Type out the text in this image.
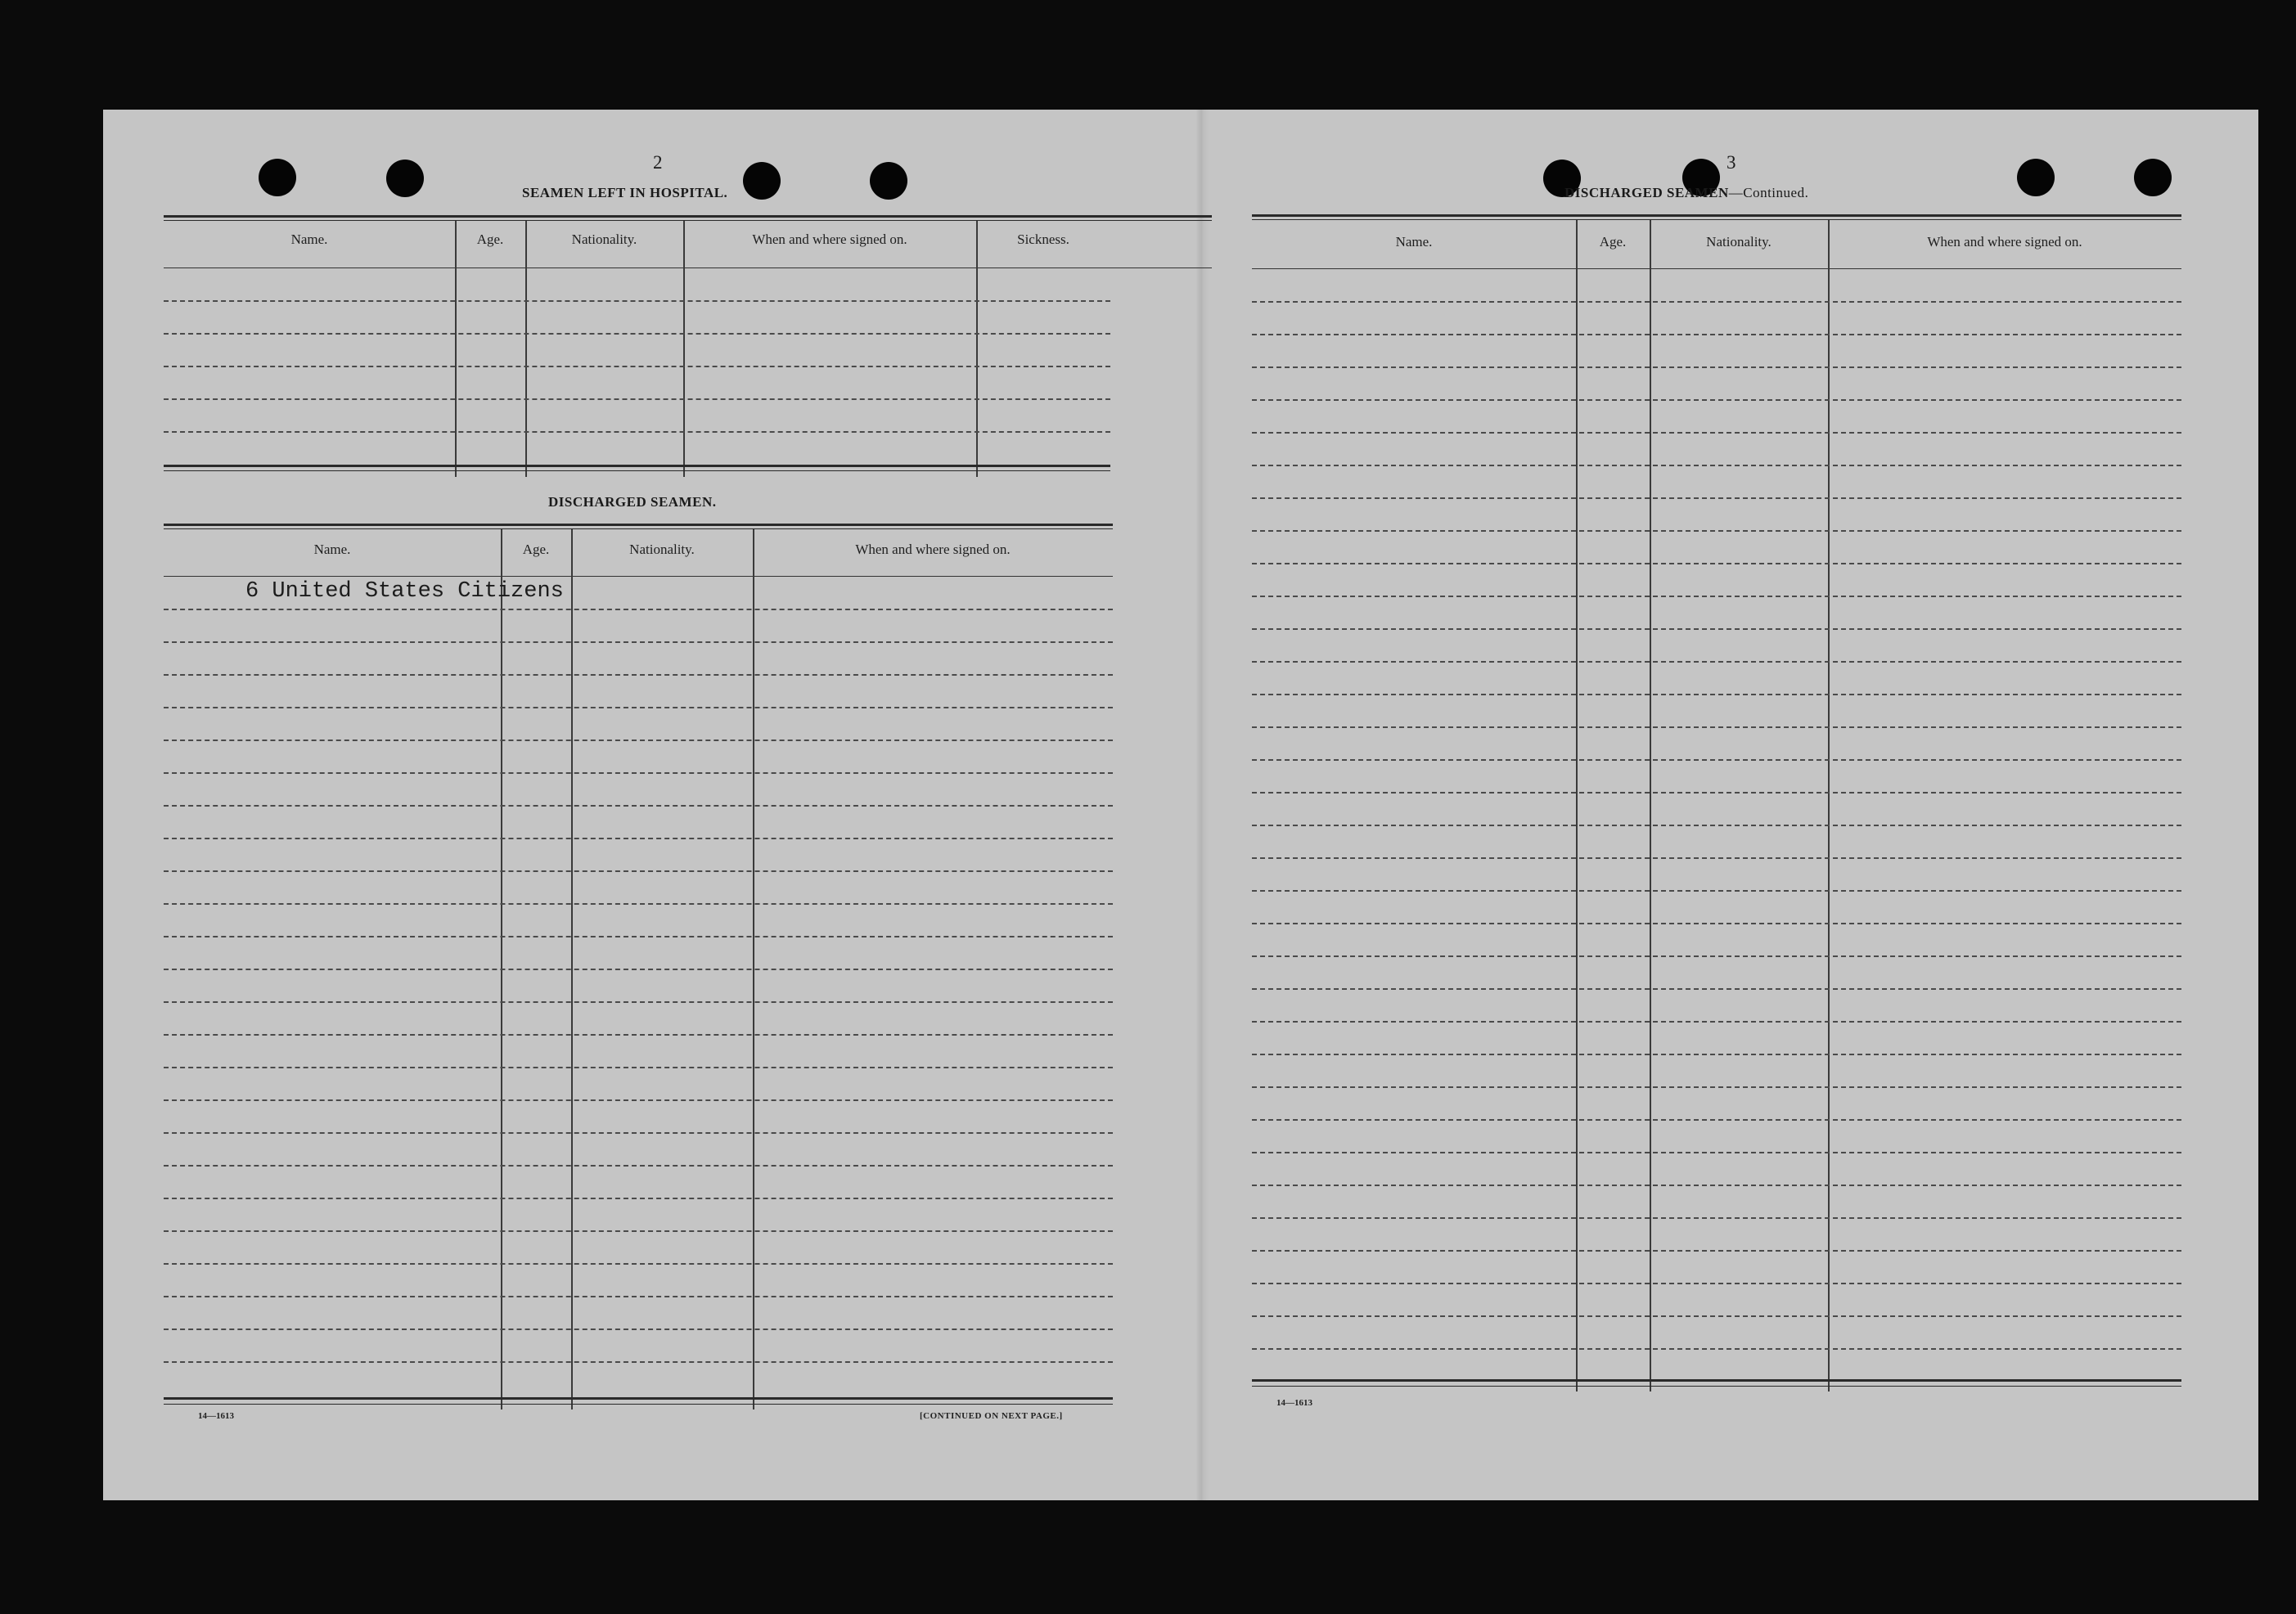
2
SEAMEN LEFT IN HOSPITAL.
Name.	Age.	Nationality.	When and where signed on.	Sickness.
DISCHARGED SEAMEN.
Name.	Age.	Nationality.	When and where signed on.
6 United States Citizens
14—1613	[CONTINUED ON NEXT PAGE.]
3
DISCHARGED SEAMEN—Continued.
Name.	Age.	Nationality.	When and where signed on.
14—1613
